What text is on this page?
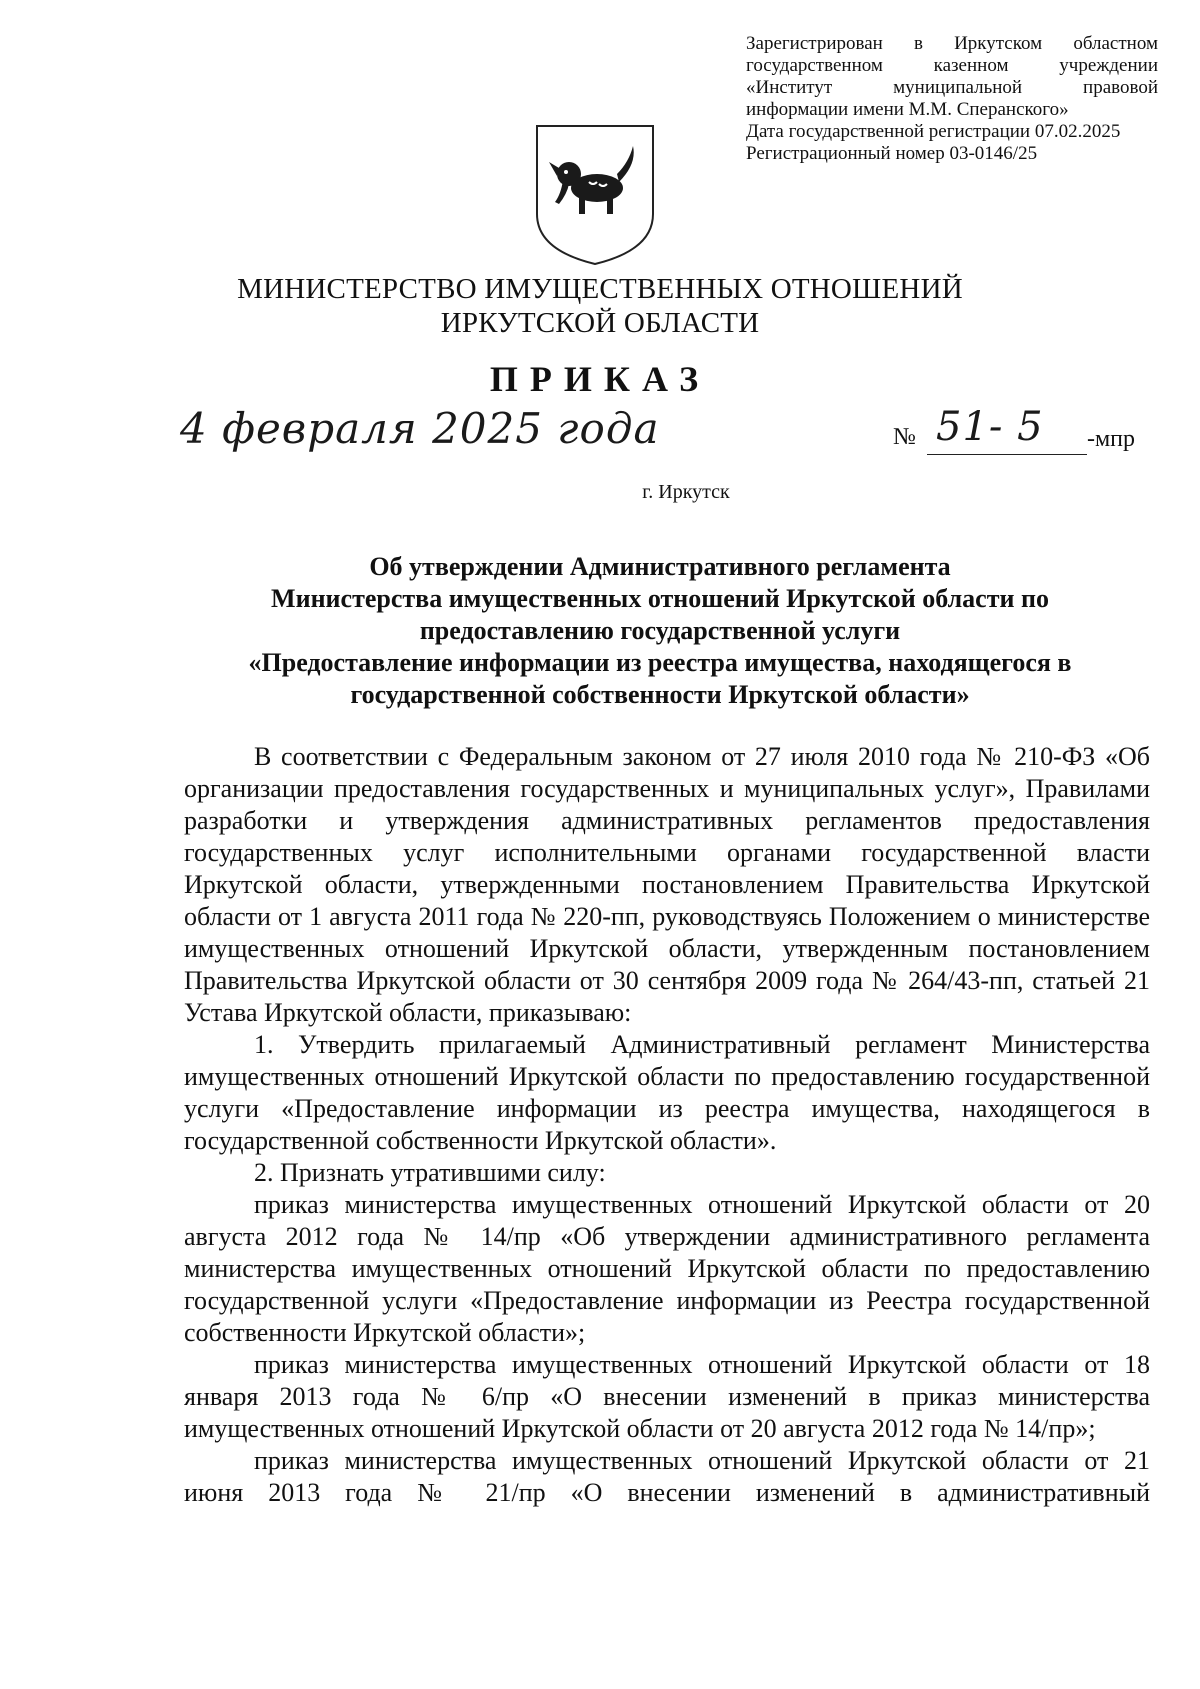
Зарегистрирован в Иркутском областном
государственном казенном учреждении
«Институт муниципальной правовой
информации имени М.М. Сперанского»
Дата государственной регистрации 07.02.2025
Регистрационный номер 03-0146/25
МИНИСТЕРСТВО ИМУЩЕСТВЕННЫХ ОТНОШЕНИЙ
ИРКУТСКОЙ ОБЛАСТИ
ПРИКАЗ
4 февраля 2025 года	№ 51- 5 -мпр
г. Иркутск
Об утверждении Административного регламента
Министерства имущественных отношений Иркутской области по
предоставлению государственной услуги
«Предоставление информации из реестра имущества, находящегося в
государственной собственности Иркутской области»

В соответствии с Федеральным законом от 27 июля 2010 года № 210-ФЗ «Об организации предоставления государственных и муниципальных услуг», Правилами разработки и утверждения административных регламентов предоставления государственных услуг исполнительными органами государственной власти Иркутской области, утвержденными постановлением Правительства Иркутской области от 1 августа 2011 года № 220-пп, руководствуясь Положением о министерстве имущественных отношений Иркутской области, утвержденным постановлением Правительства Иркутской области от 30 сентября 2009 года № 264/43-пп, статьей 21 Устава Иркутской области, приказываю:

1. Утвердить прилагаемый Административный регламент Министерства имущественных отношений Иркутской области по предоставлению государственной услуги «Предоставление информации из реестра имущества, находящегося в государственной собственности Иркутской области».

2. Признать утратившими силу:

приказ министерства имущественных отношений Иркутской области от 20 августа 2012 года № 14/пр «Об утверждении административного регламента министерства имущественных отношений Иркутской области по предоставлению государственной услуги «Предоставление информации из Реестра государственной собственности Иркутской области»;

приказ министерства имущественных отношений Иркутской области от 18 января 2013 года № 6/пр «О внесении изменений в приказ министерства имущественных отношений Иркутской области от 20 августа 2012 года № 14/пр»;

приказ министерства имущественных отношений Иркутской области от 21 июня 2013 года № 21/пр «О внесении изменений в административный
